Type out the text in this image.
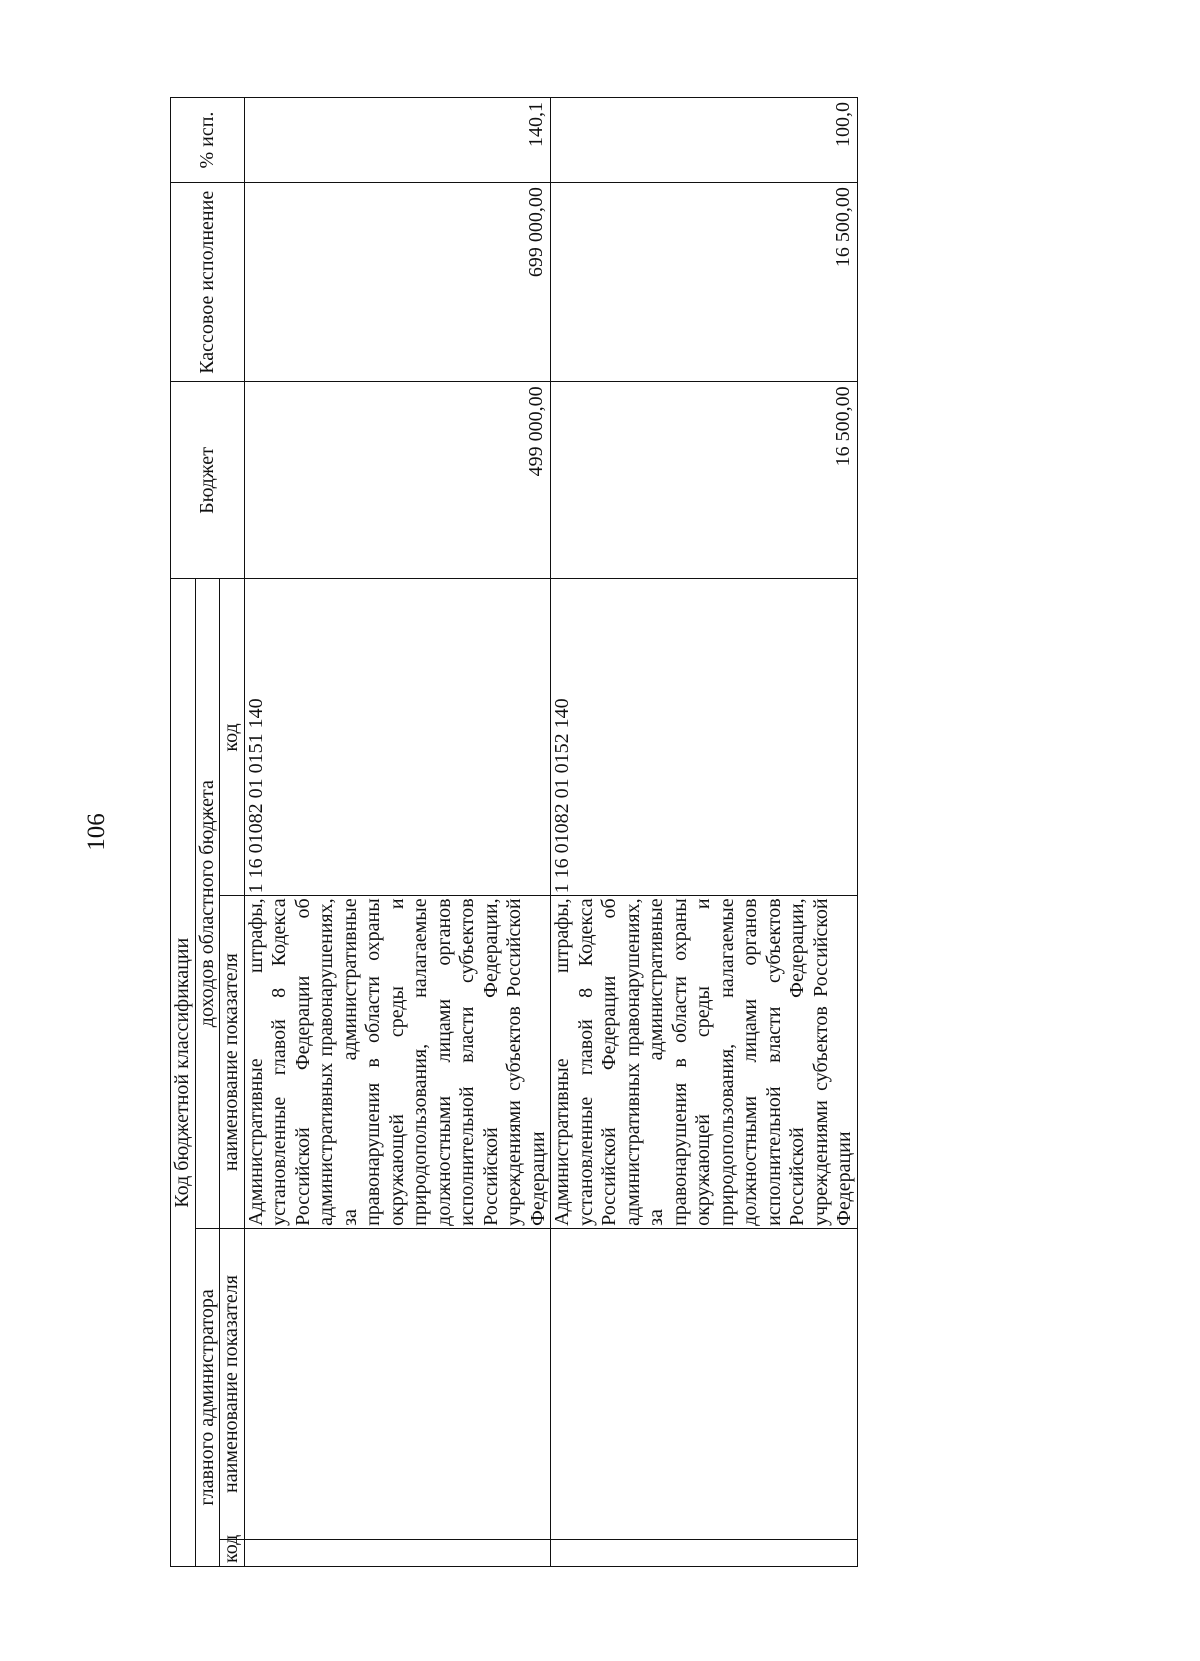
106
Код бюджетной классификации				Бюджет	Кассовое исполнение	% исп.
главного администратора		доходов областного бюджета				
код	наименование показателя	наименование показателя	код			
		Административные штрафы, установленные главой 8 Кодекса Российской Федерации об административных правонарушениях, за административные правонарушения в области охраны окружающей среды и природопользования, налагаемые должностными лицами органов исполнительной власти субъектов Российской Федерации, учреждениями субъектов Российской Федерации	1 16 01082 01 0151 140	499 000,00	699 000,00	140,1
		Административные штрафы, установленные главой 8 Кодекса Российской Федерации об административных правонарушениях, за административные правонарушения в области охраны окружающей среды и природопользования, налагаемые должностными лицами органов исполнительной власти субъектов Российской Федерации, учреждениями субъектов Российской Федерации	1 16 01082 01 0152 140	16 500,00	16 500,00	100,0
